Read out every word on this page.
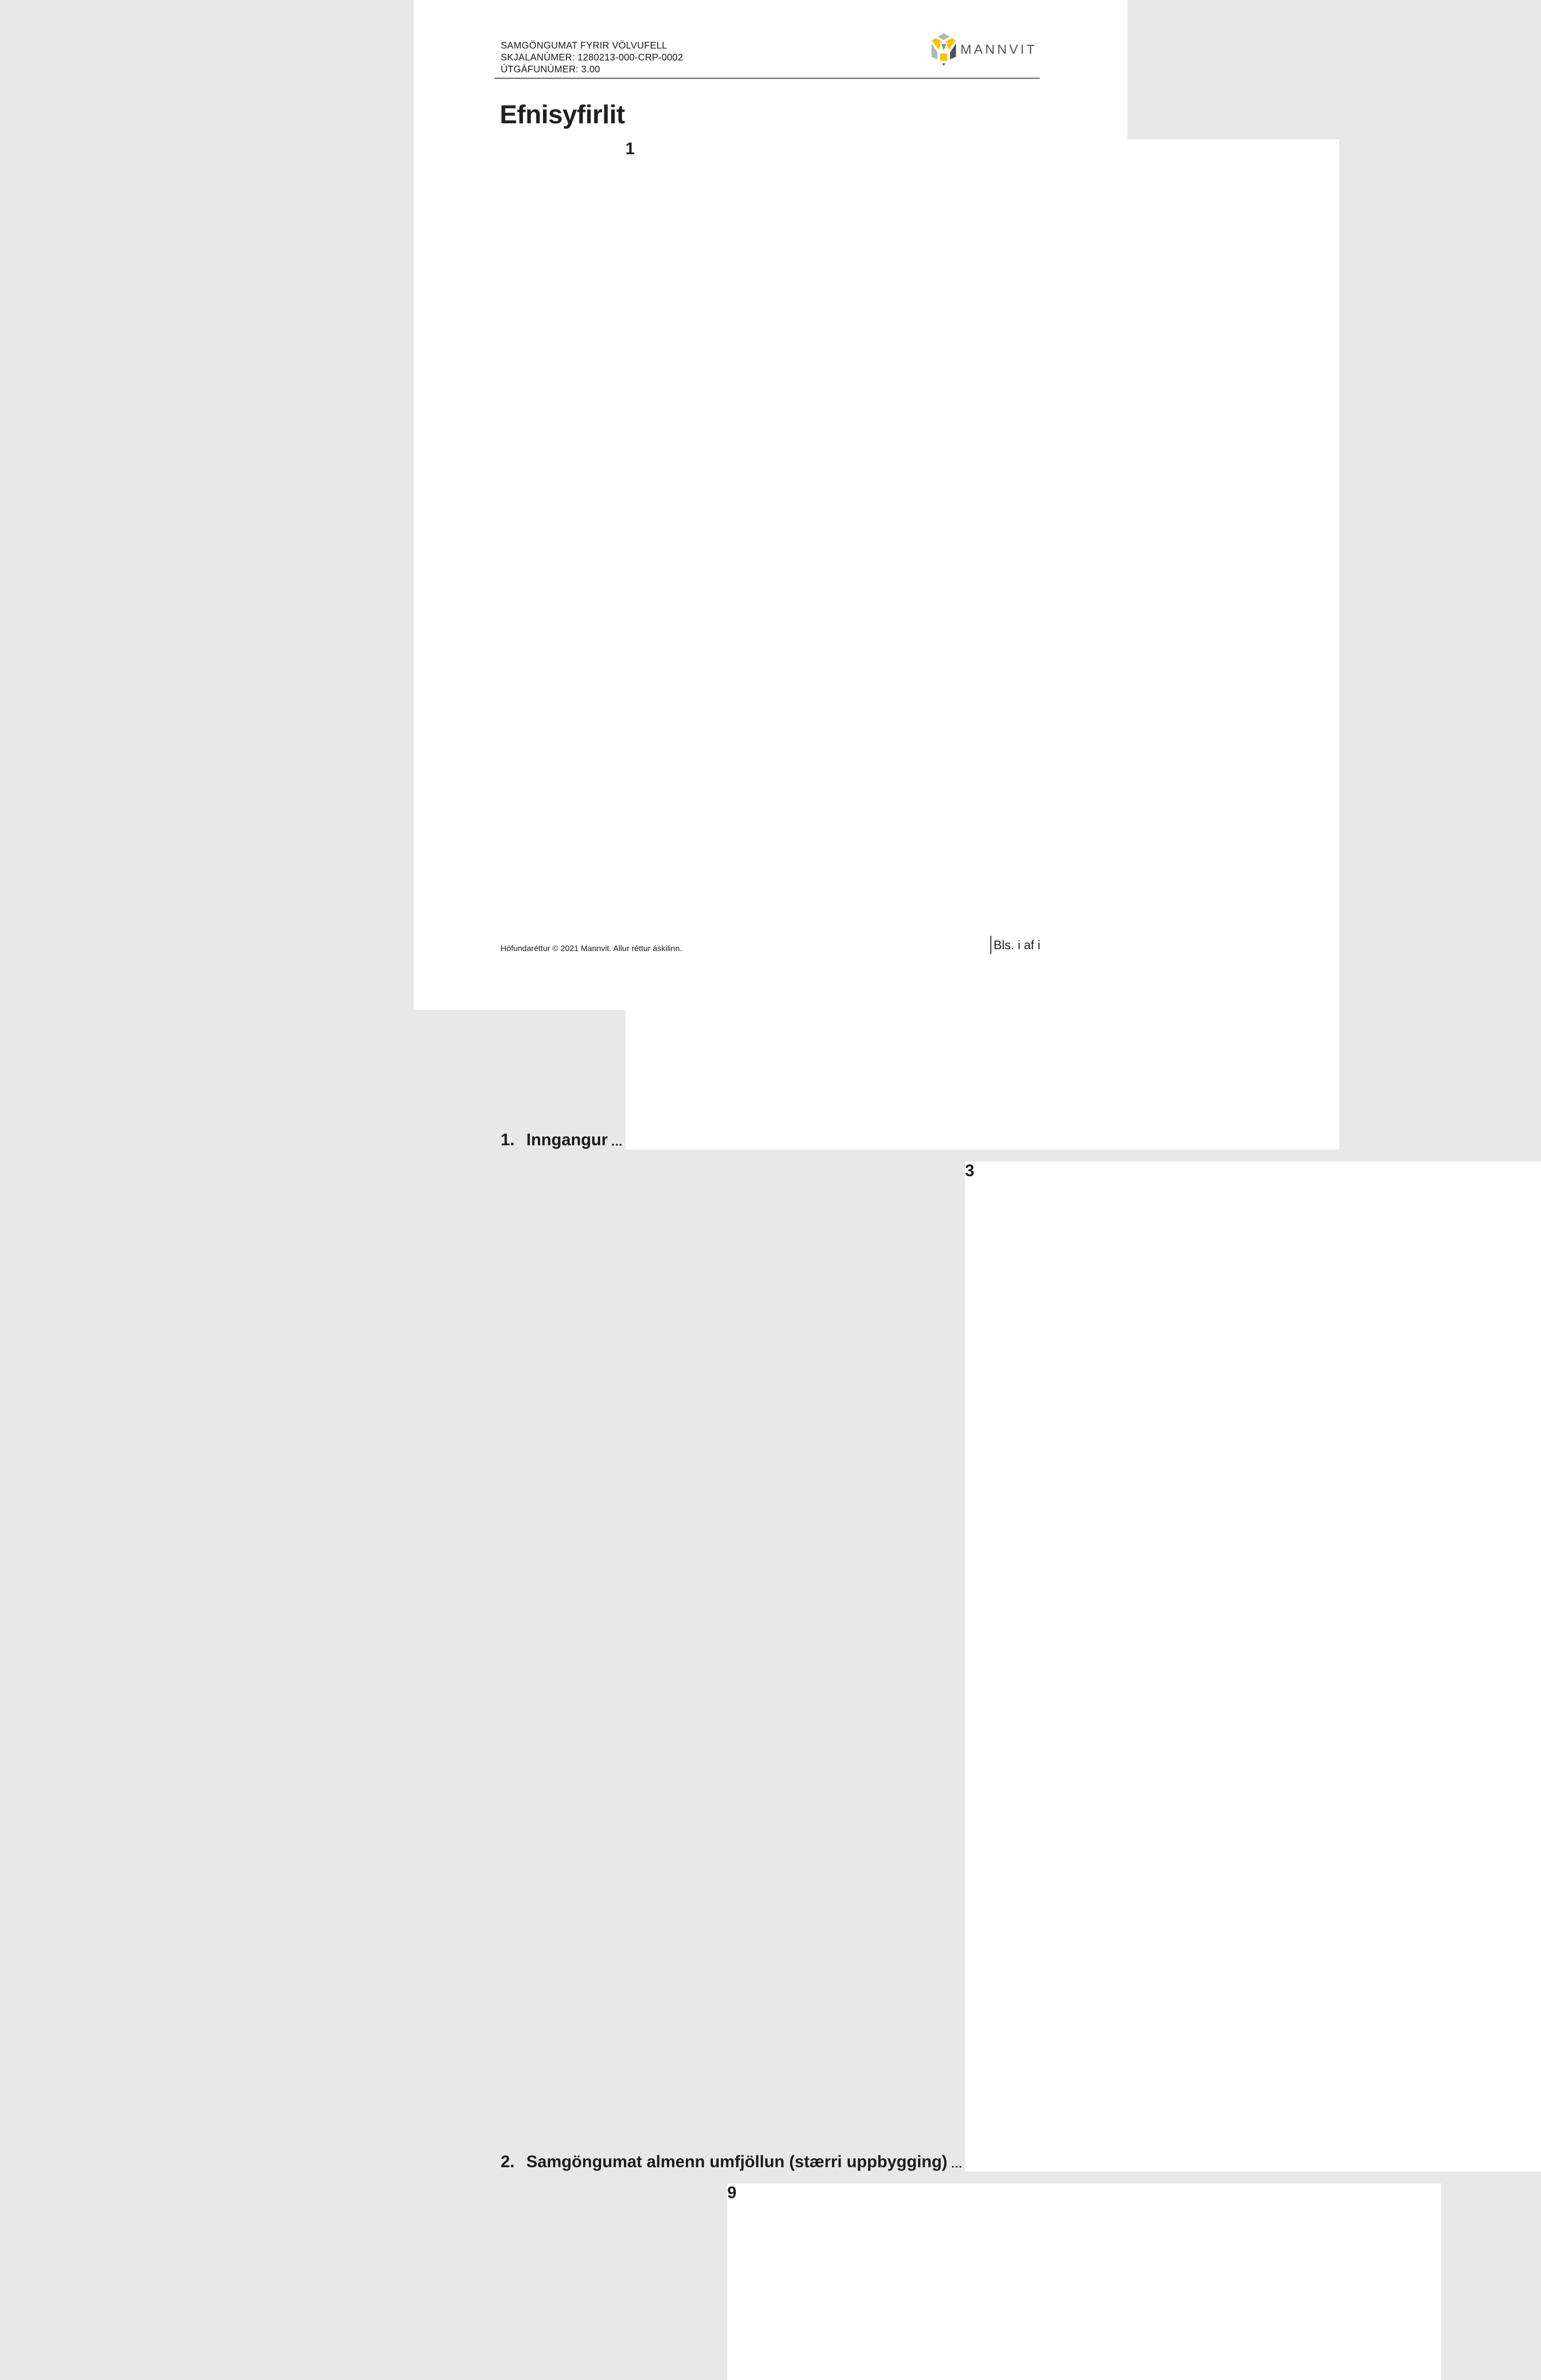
SAMGÖNGUMAT FYRIR VÖLVUFELL
SKJALANÚMER: 1280213-000-CRP-0002
ÚTGÁFUNÚMER: 3.00
MANNVIT
Efnisyfirlit
1. Inngangur
1
2. Samgöngumat almenn umfjöllun (stærri uppbygging)
3
9
Höfundaréttur © 2021 Mannvit. Allur réttur áskilinn.	Bls. i af i
